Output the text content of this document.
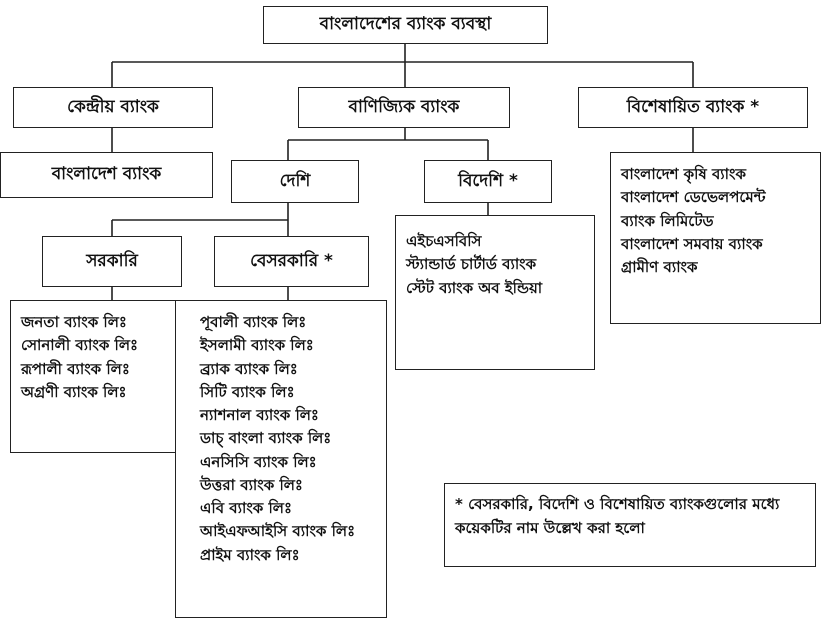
বাংলাদেশের ব্যাংক ব্যবস্থা
কেন্দ্রীয় ব্যাংক	বাণিজ্যিক ব্যাংক	বিশেষায়িত ব্যাংক *
বাংলাদেশ ব্যাংক	দেশি	বিদেশি *
সরকারি	বেসরকারি *
জনতা ব্যাংক লিঃ
সোনালী ব্যাংক লিঃ
রূপালী ব্যাংক লিঃ
অগ্রণী ব্যাংক লিঃ
পূবালী ব্যাংক লিঃ
ইসলামী ব্যাংক লিঃ
ব্র্যাক ব্যাংক লিঃ
সিটি ব্যাংক লিঃ
ন্যাশনাল ব্যাংক লিঃ
ডাচ্‌ বাংলা ব্যাংক লিঃ
এনসিসি ব্যাংক লিঃ
উত্তরা ব্যাংক লিঃ
এবি ব্যাংক লিঃ
আইএফআইসি ব্যাংক লিঃ
প্রাইম ব্যাংক লিঃ
এইচএসবিসি
স্ট্যান্ডার্ড চার্টার্ড ব্যাংক
স্টেট ব্যাংক অব ইন্ডিয়া
বাংলাদেশ কৃষি ব্যাংক
বাংলাদেশ ডেভেলপমেন্ট
ব্যাংক লিমিটেড
বাংলাদেশ সমবায় ব্যাংক
গ্রামীণ ব্যাংক
* বেসরকারি, বিদেশি ও বিশেষায়িত ব্যাংকগুলোর মধ্যে কয়েকটির নাম উল্লেখ করা হলো
